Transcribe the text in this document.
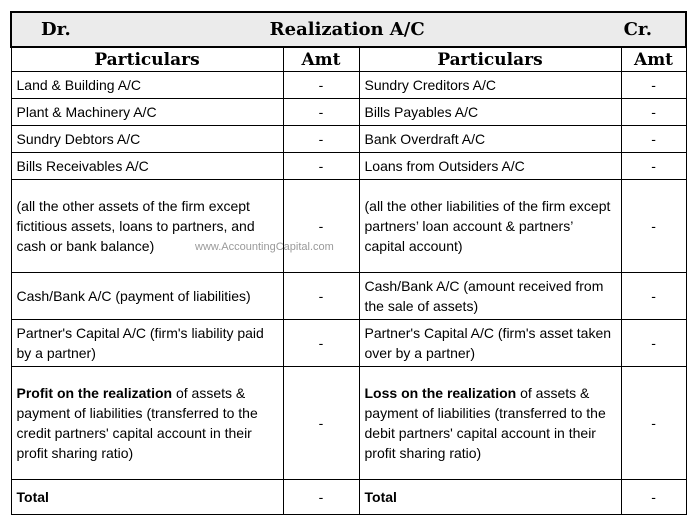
Dr. Realization A/C Cr.			

Particulars	Amt	Particulars	Amt
Land & Building A/C	-	Sundry Creditors A/C	-
Plant & Machinery A/C	-	Bills Payables A/C	-
Sundry Debtors A/C	-	Bank Overdraft A/C	-
Bills Receivables A/C	-	Loans from Outsiders A/C	-
(all the other assets of the firm except fictitious assets, loans to partners, and cash or bank balance)	-	(all the other liabilities of the firm except partners’ loan account & partners’ capital account)	-
Cash/Bank A/C (payment of liabilities)	-	Cash/Bank A/C (amount received from the sale of assets)	-
Partner's Capital A/C (firm's liability paid by a partner)	-	Partner's Capital A/C (firm's asset taken over by a partner)	-
Profit on the realization of assets & payment of liabilities (transferred to the credit partners' capital account in their profit sharing ratio)	-	Loss on the realization of assets & payment of liabilities (transferred to the debit partners' capital account in their profit sharing ratio)	-
Total	-	Total	-
www.AccountingCapital.com
